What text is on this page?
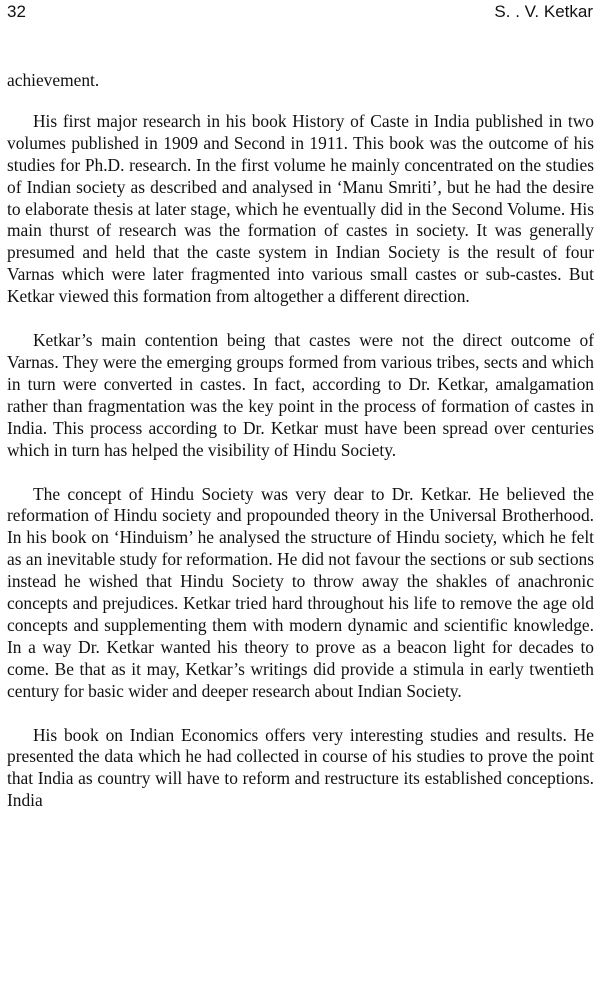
32	S. . V. Ketkar

achievement.

His first major research in his book History of Caste in India published in two volumes published in 1909 and Second in 1911. This book was the outcome of his studies for Ph.D. research. In the first volume he mainly concentrated on the studies of Indian society as described and analysed in ‘Manu Smriti’, but he had the desire to elaborate thesis at later stage, which he eventually did in the Second Volume. His main thurst of research was the formation of castes in society. It was generally presumed and held that the caste system in Indian Society is the result of four Varnas which were later fragmented into various small castes or sub-castes. But Ketkar viewed this formation from altogether a different direction.

Ketkar’s main contention being that castes were not the direct outcome of Varnas. They were the emerging groups formed from various tribes, sects and which in turn were converted in castes. In fact, according to Dr. Ketkar, amalgamation rather than fragmentation was the key point in the process of formation of castes in India. This process according to Dr. Ketkar must have been spread over centuries which in turn has helped the visibility of Hindu Society.

The concept of Hindu Society was very dear to Dr. Ketkar. He believed the reformation of Hindu society and propounded theory in the Universal Brotherhood. In his book on ‘Hinduism’ he analysed the structure of Hindu society, which he felt as an inevitable study for reformation. He did not favour the sections or sub sections instead he wished that Hindu Society to throw away the shakles of anachronic concepts and prejudices. Ketkar tried hard throughout his life to remove the age old concepts and supplementing them with modern dynamic and scientific knowledge. In a way Dr. Ketkar wanted his theory to prove as a beacon light for decades to come. Be that as it may, Ketkar’s writings did provide a stimula in early twentieth century for basic wider and deeper research about Indian Society.

His book on Indian Economics offers very interesting studies and results. He presented the data which he had collected in course of his studies to prove the point that India as country will have to reform and restructure its established conceptions. India
